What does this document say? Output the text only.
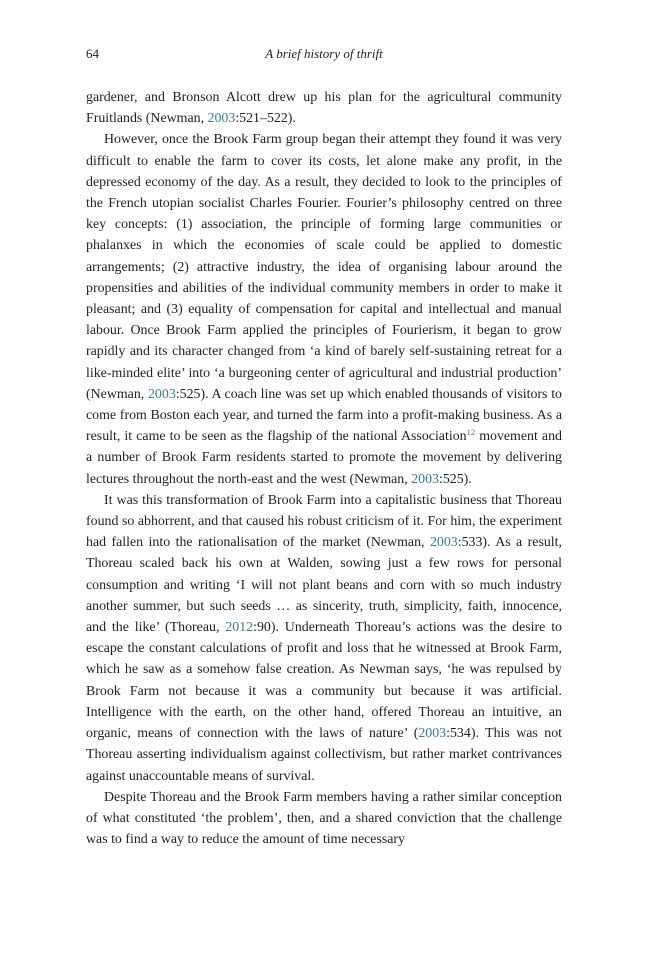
64	A brief history of thrift

gardener, and Bronson Alcott drew up his plan for the agricultural community Fruitlands (Newman, 2003:521–522).

However, once the Brook Farm group began their attempt they found it was very difficult to enable the farm to cover its costs, let alone make any profit, in the depressed economy of the day. As a result, they decided to look to the principles of the French utopian socialist Charles Fourier. Fourier’s philosophy centred on three key concepts: (1) association, the principle of forming large communities or phalanxes in which the economies of scale could be applied to domestic arrangements; (2) attractive industry, the idea of organising labour around the propensities and abilities of the individual community members in order to make it pleasant; and (3) equality of compensation for capital and intellectual and manual labour. Once Brook Farm applied the principles of Fourierism, it began to grow rapidly and its character changed from ‘a kind of barely self-sustaining retreat for a like-minded elite’ into ‘a burgeoning center of agricultural and industrial production’ (Newman, 2003:525). A coach line was set up which enabled thousands of visitors to come from Boston each year, and turned the farm into a profit-making business. As a result, it came to be seen as the flagship of the national Association$^{12}$ movement and a number of Brook Farm residents started to promote the movement by delivering lectures throughout the north-east and the west (Newman, 2003:525).

It was this transformation of Brook Farm into a capitalistic business that Thoreau found so abhorrent, and that caused his robust criticism of it. For him, the experiment had fallen into the rationalisation of the market (Newman, 2003:533). As a result, Thoreau scaled back his own at Walden, sowing just a few rows for personal consumption and writing ‘I will not plant beans and corn with so much industry another summer, but such seeds … as sincerity, truth, simplicity, faith, innocence, and the like’ (Thoreau, 2012:90). Underneath Thoreau’s actions was the desire to escape the constant calculations of profit and loss that he witnessed at Brook Farm, which he saw as a somehow false creation. As Newman says, ‘he was repulsed by Brook Farm not because it was a community but because it was artificial. Intelligence with the earth, on the other hand, offered Thoreau an intuitive, an organic, means of connection with the laws of nature’ (2003:534). This was not Thoreau asserting individualism against collectivism, but rather market contrivances against unaccountable means of survival.

Despite Thoreau and the Brook Farm members having a rather similar conception of what constituted ‘the problem’, then, and a shared conviction that the challenge was to find a way to reduce the amount of time necessary
